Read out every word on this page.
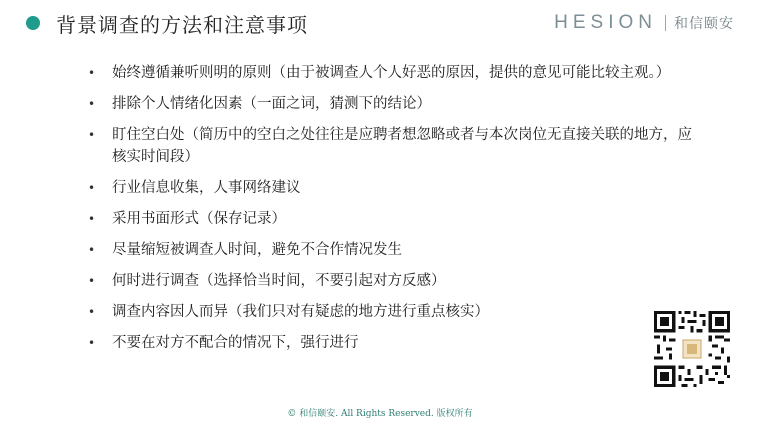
背景调查的方法和注意事项	HESION 和信颐安
• 始终遵循兼听则明的原则（由于被调查人个人好恶的原因，提供的意见可能比较主观。）
• 排除个人情绪化因素（一面之词，猜测下的结论）
• 盯住空白处（简历中的空白之处往往是应聘者想忽略或者与本次岗位无直接关联的地方，应核实时间段）
• 行业信息收集，人事网络建议
• 采用书面形式（保存记录）
• 尽量缩短被调查人时间，避免不合作情况发生
• 何时进行调查（选择恰当时间，不要引起对方反感）
• 调查内容因人而异（我们只对有疑虑的地方进行重点核实）
• 不要在对方不配合的情况下，强行进行
© 和信颐安. All Rights Reserved. 版权所有
